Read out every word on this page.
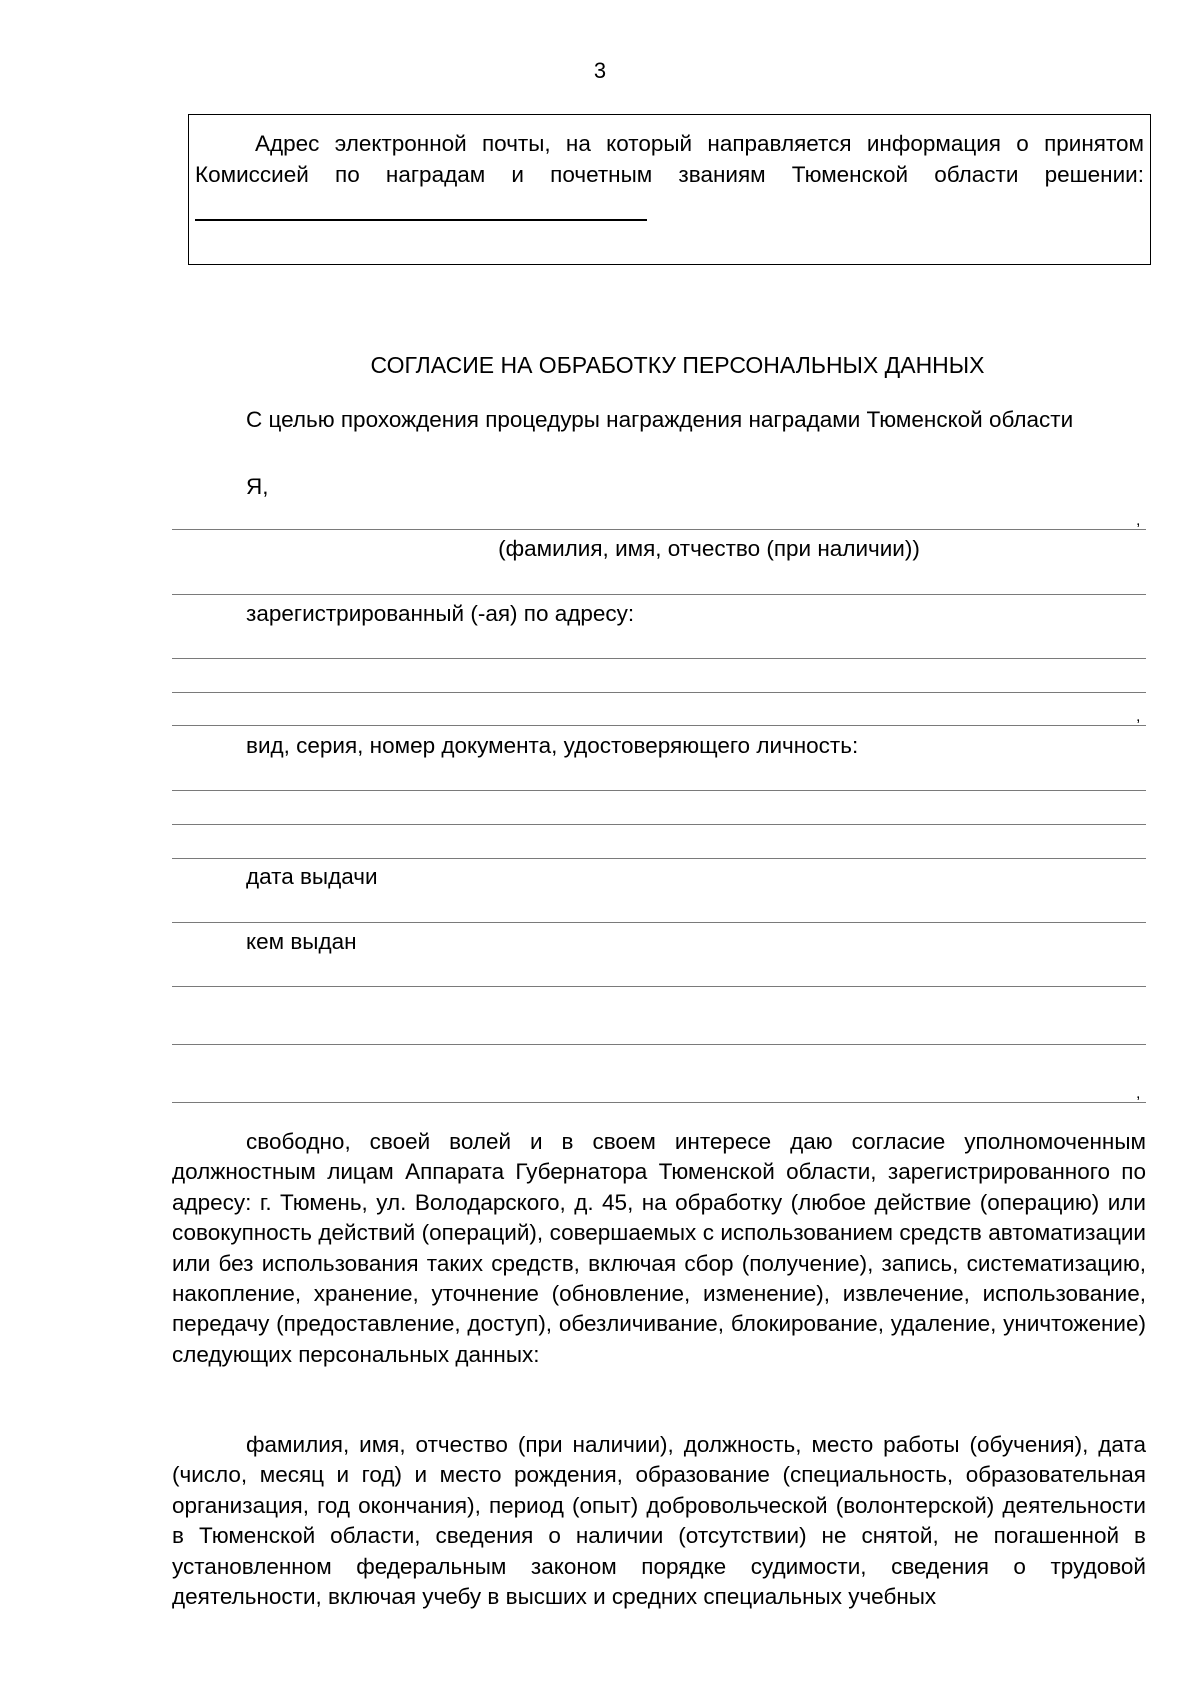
3
Адрес электронной почты, на который направляется информация о принятом Комиссией по наградам и почетным званиям Тюменской области решении:
СОГЛАСИЕ НА ОБРАБОТКУ ПЕРСОНАЛЬНЫХ ДАННЫХ
С целью прохождения процедуры награждения наградами Тюменской области
Я,
,
(фамилия, имя, отчество (при наличии))
зарегистрированный (-ая) по адресу:
,
вид, серия, номер документа, удостоверяющего личность:
дата выдачи
кем выдан
,
свободно, своей волей и в своем интересе даю согласие уполномоченным должностным лицам Аппарата Губернатора Тюменской области, зарегистрированного по адресу: г. Тюмень, ул. Володарского, д. 45, на обработку (любое действие (операцию) или совокупность действий (операций), совершаемых с использованием средств автоматизации или без использования таких средств, включая сбор (получение), запись, систематизацию, накопление, хранение, уточнение (обновление, изменение), извлечение, использование, передачу (предоставление, доступ), обезличивание, блокирование, удаление, уничтожение) следующих персональных данных:
фамилия, имя, отчество (при наличии), должность, место работы (обучения), дата (число, месяц и год) и место рождения, образование (специальность, образовательная организация, год окончания), период (опыт) добровольческой (волонтерской) деятельности в Тюменской области, сведения о наличии (отсутствии) не снятой, не погашенной в установленном федеральным законом порядке судимости, сведения о трудовой деятельности, включая учебу в высших и средних специальных учебных
